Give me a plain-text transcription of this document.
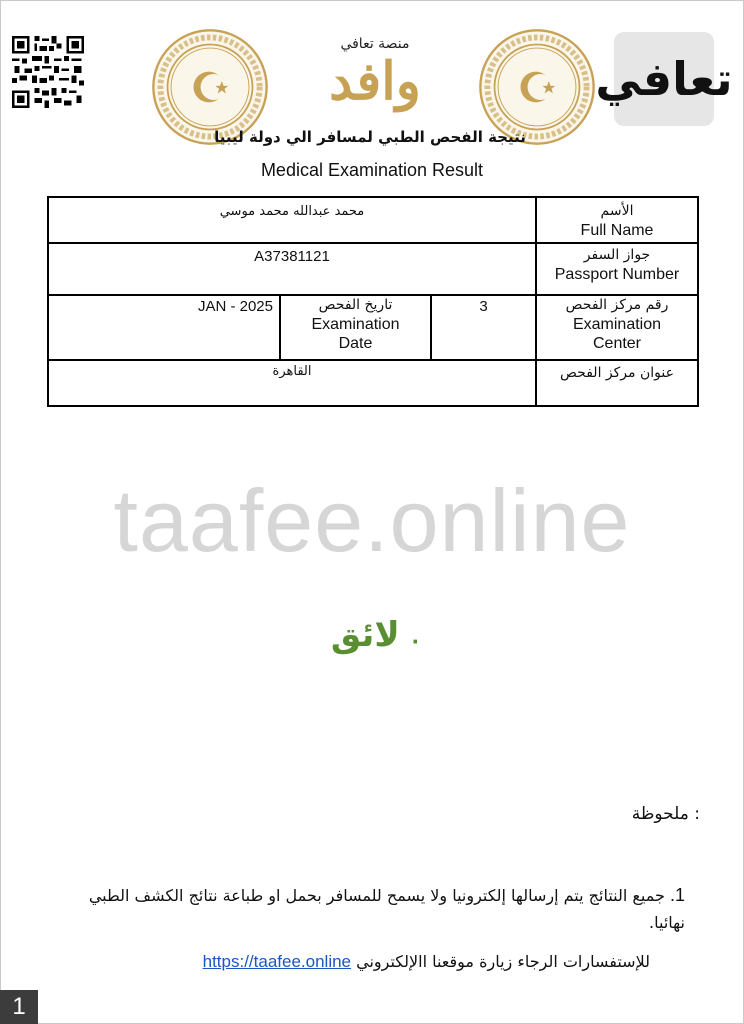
منصة تعافي
وافد	تعافي
نتيجة الفحص الطبي لمسافر الي دولة ليبيا
Medical Examination Result
الأسم
Full Name
محمد عبدالله محمد موسي
جواز السفر
Passport Number
A37381121
رقم مركز الفحص
Examination
Center
3
تاريخ الفحص
Examination
Date
JAN - 2025
عنوان مركز الفحص
القاهرة
taafee.online
لائق .
ملحوظة :
1. جميع النتائج يتم إرسالها إلكترونيا ولا يسمح للمسافر بحمل او طباعة نتائج الكشف الطبي نهائيا.
للإستفسارات الرجاء زيارة موقعنا االإلكتروني https://taafee.online
1
